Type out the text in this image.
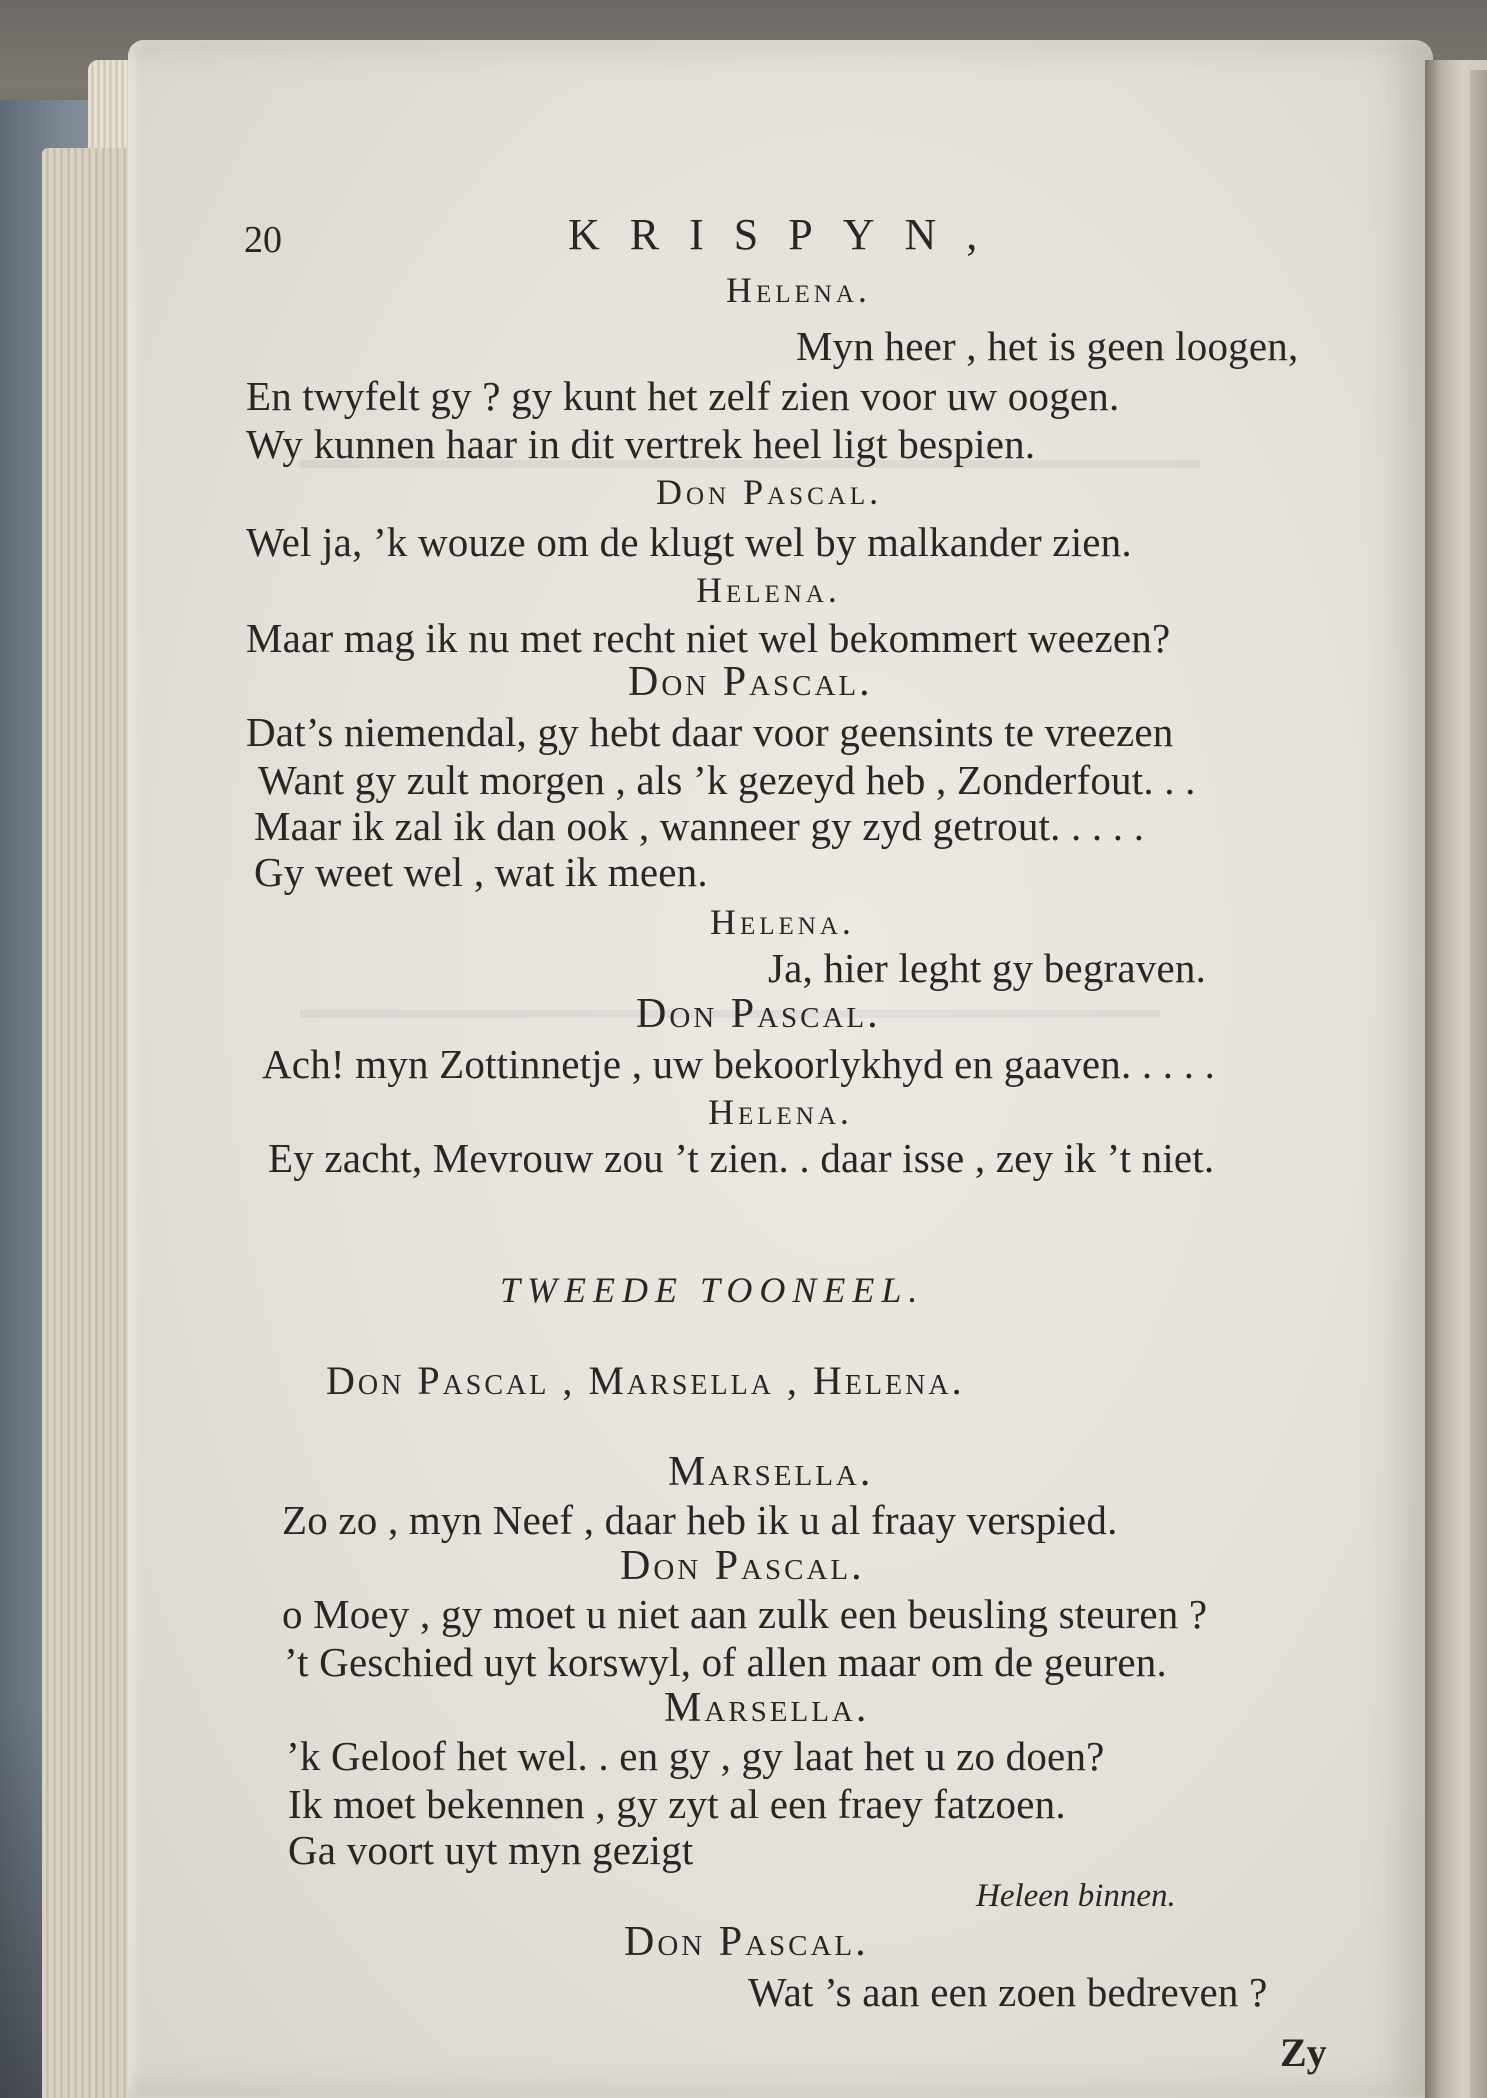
20	KRISPYN,
Helena.
Myn heer , het is geen loogen,
En twyfelt gy ? gy kunt het zelf zien voor uw oogen.
Wy kunnen haar in dit vertrek heel ligt bespien.
Don Pascal.
Wel ja, ’k wouze om de klugt wel by malkander zien.
Helena.
Maar mag ik nu met recht niet wel bekommert weezen?
Don Pascal.
Dat’s niemendal, gy hebt daar voor geensints te vreezen
Want gy zult morgen , als ’k gezeyd heb , Zonderfout. . .
Maar ik zal ik dan ook , wanneer gy zyd getrout. . . . .
Gy weet wel , wat ik meen.
Helena.
Ja, hier leght gy begraven.
Don Pascal.
Ach! myn Zottinnetje , uw bekoorlykhyd en gaaven. . . . .
Helena.
Ey zacht, Mevrouw zou ’t zien. . daar isse , zey ik ’t niet.
TWEEDE TOONEEL.
Don Pascal , Marsella , Helena.
Marsella.
Zo zo , myn Neef , daar heb ik u al fraay verspied.
Don Pascal.
o Moey , gy moet u niet aan zulk een beusling steuren ?
’t Geschied uyt korswyl, of allen maar om de geuren.
Marsella.
’k Geloof het wel. . en gy , gy laat het u zo doen?
Ik moet bekennen , gy zyt al een fraey fatzoen.
Ga voort uyt myn gezigt
Heleen binnen.
Don Pascal.
Wat ’s aan een zoen bedreven ?
Zy
